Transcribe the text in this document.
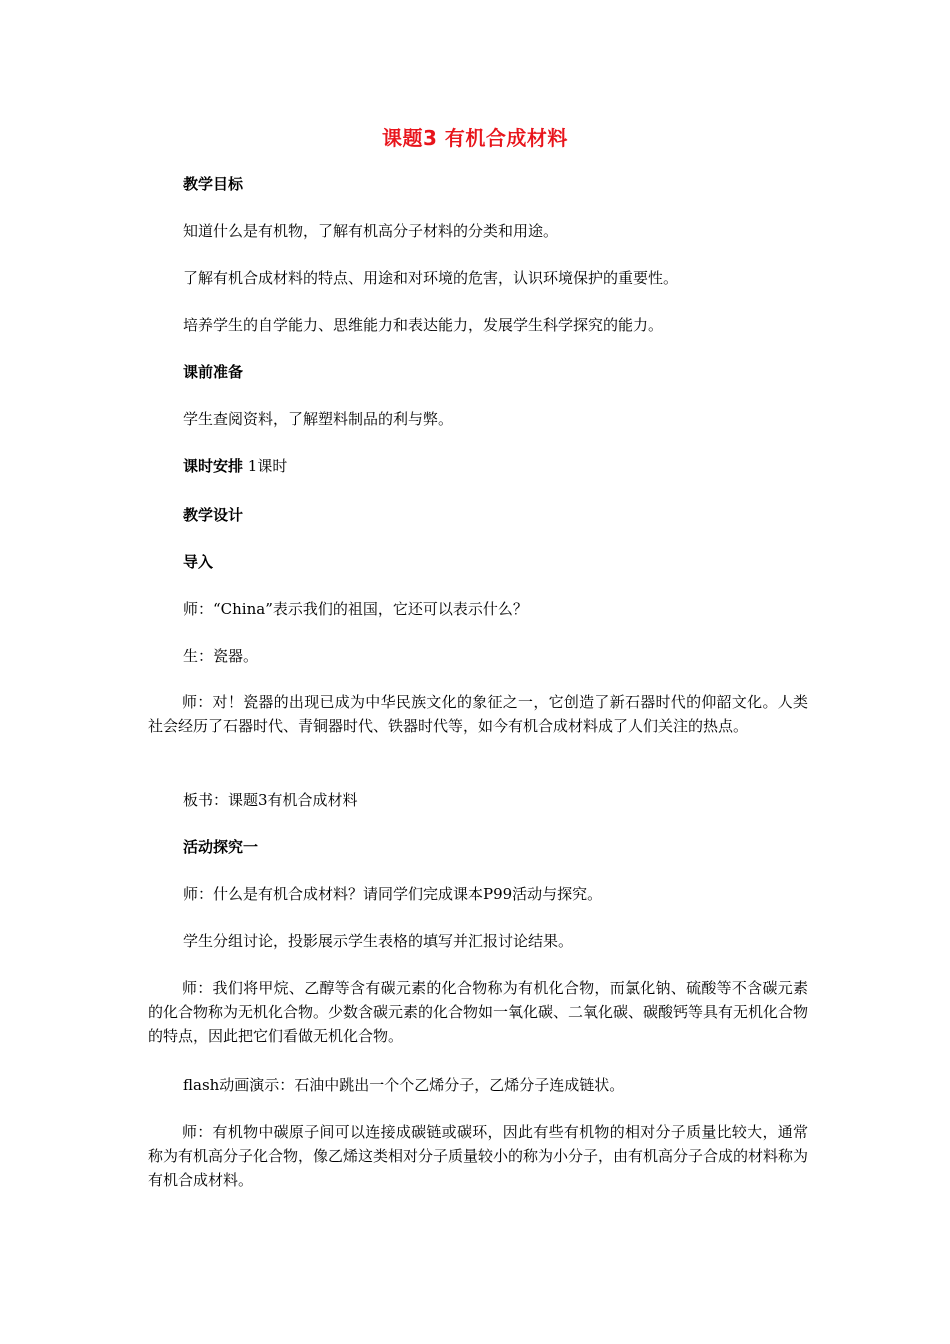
课题3 有机合成材料
教学目标
知道什么是有机物，了解有机高分子材料的分类和用途。
了解有机合成材料的特点、用途和对环境的危害，认识环境保护的重要性。
培养学生的自学能力、思维能力和表达能力，发展学生科学探究的能力。
课前准备
学生查阅资料，了解塑料制品的利与弊。
课时安排 1课时
教学设计
导入
师：“China”表示我们的祖国，它还可以表示什么？
生：瓷器。
师：对！瓷器的出现已成为中华民族文化的象征之一，它创造了新石器时代的仰韶文化。人类社会经历了石器时代、青铜器时代、铁器时代等，如今有机合成材料成了人们关注的热点。
板书：课题3有机合成材料
活动探究一
师：什么是有机合成材料？请同学们完成课本P99活动与探究。
学生分组讨论，投影展示学生表格的填写并汇报讨论结果。
师：我们将甲烷、乙醇等含有碳元素的化合物称为有机化合物，而氯化钠、硫酸等不含碳元素的化合物称为无机化合物。少数含碳元素的化合物如一氧化碳、二氧化碳、碳酸钙等具有无机化合物的特点，因此把它们看做无机化合物。
flash动画演示：石油中跳出一个个乙烯分子，乙烯分子连成链状。
师：有机物中碳原子间可以连接成碳链或碳环，因此有些有机物的相对分子质量比较大，通常称为有机高分子化合物，像乙烯这类相对分子质量较小的称为小分子，由有机高分子合成的材料称为有机合成材料。
